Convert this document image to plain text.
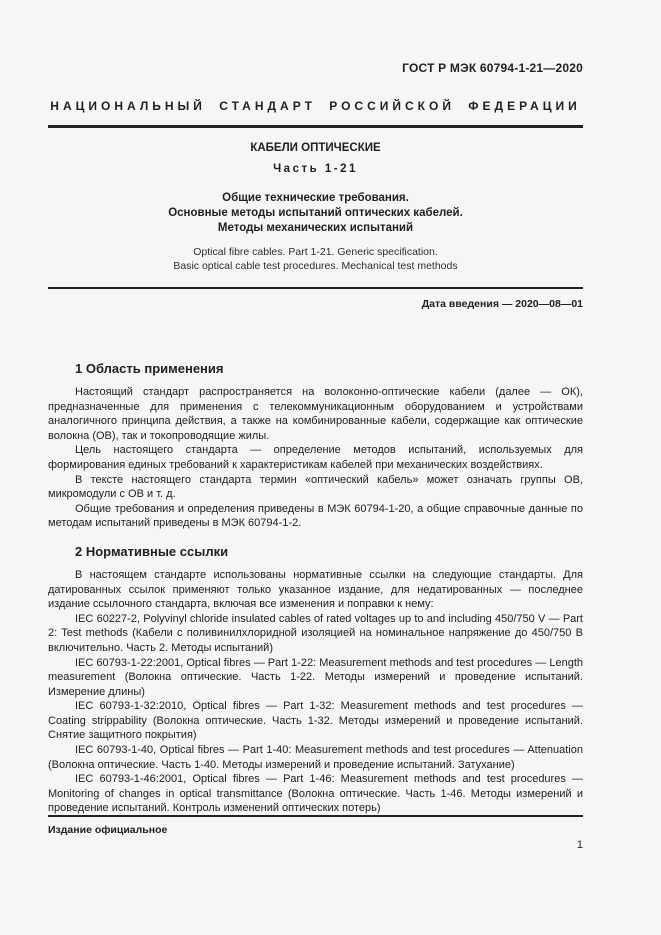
ГОСТ Р МЭК 60794-1-21—2020
НАЦИОНАЛЬНЫЙ СТАНДАРТ РОССИЙСКОЙ ФЕДЕРАЦИИ
КАБЕЛИ ОПТИЧЕСКИЕ
Часть 1-21

Общие технические требования.

Основные методы испытаний оптических кабелей.

Методы механических испытаний

Optical fibre cables. Part 1-21. Generic specification.

Basic optical cable test procedures. Mechanical test methods

Дата введения — 2020—08—01
1 Область применения

Настоящий стандарт распространяется на волоконно-оптические кабели (далее — ОК), предназначенные для применения с телекоммуникационным оборудованием и устройствами аналогичного принципа действия, а также на комбинированные кабели, содержащие как оптические волокна (ОВ), так и токопроводящие жилы.

Цель настоящего стандарта — определение методов испытаний, используемых для формирования единых требований к характеристикам кабелей при механических воздействиях.

В тексте настоящего стандарта термин «оптический кабель» может означать группы ОВ, микромодули с ОВ и т. д.

Общие требования и определения приведены в МЭК 60794-1-20, а общие справочные данные по методам испытаний приведены в МЭК 60794-1-2.

2 Нормативные ссылки

В настоящем стандарте использованы нормативные ссылки на следующие стандарты. Для датированных ссылок применяют только указанное издание, для недатированных — последнее издание ссылочного стандарта, включая все изменения и поправки к нему:

IEC 60227-2, Polyvinyl chloride insulated cables of rated voltages up to and including 450/750 V — Part 2: Test methods (Кабели с поливинилхлоридной изоляцией на номинальное напряжение до 450/750 В включительно. Часть 2. Методы испытаний)

IEC 60793-1-22:2001, Optical fibres — Part 1-22: Measurement methods and test procedures — Length measurement (Волокна оптические. Часть 1-22. Методы измерений и проведение испытаний. Измерение длины)

IEC 60793-1-32:2010, Optical fibres — Part 1-32: Measurement methods and test procedures — Coating strippability (Волокна оптические. Часть 1-32. Методы измерений и проведение испытаний. Снятие защитного покрытия)

IEC 60793-1-40, Optical fibres — Part 1-40: Measurement methods and test procedures — Attenuation (Волокна оптические. Часть 1-40. Методы измерений и проведение испытаний. Затухание)

IEC 60793-1-46:2001, Optical fibres — Part 1-46: Measurement methods and test procedures — Monitoring of changes in optical transmittance (Волокна оптические. Часть 1-46. Методы измерений и проведение испытаний. Контроль изменений оптических потерь)

Издание официальное
1
